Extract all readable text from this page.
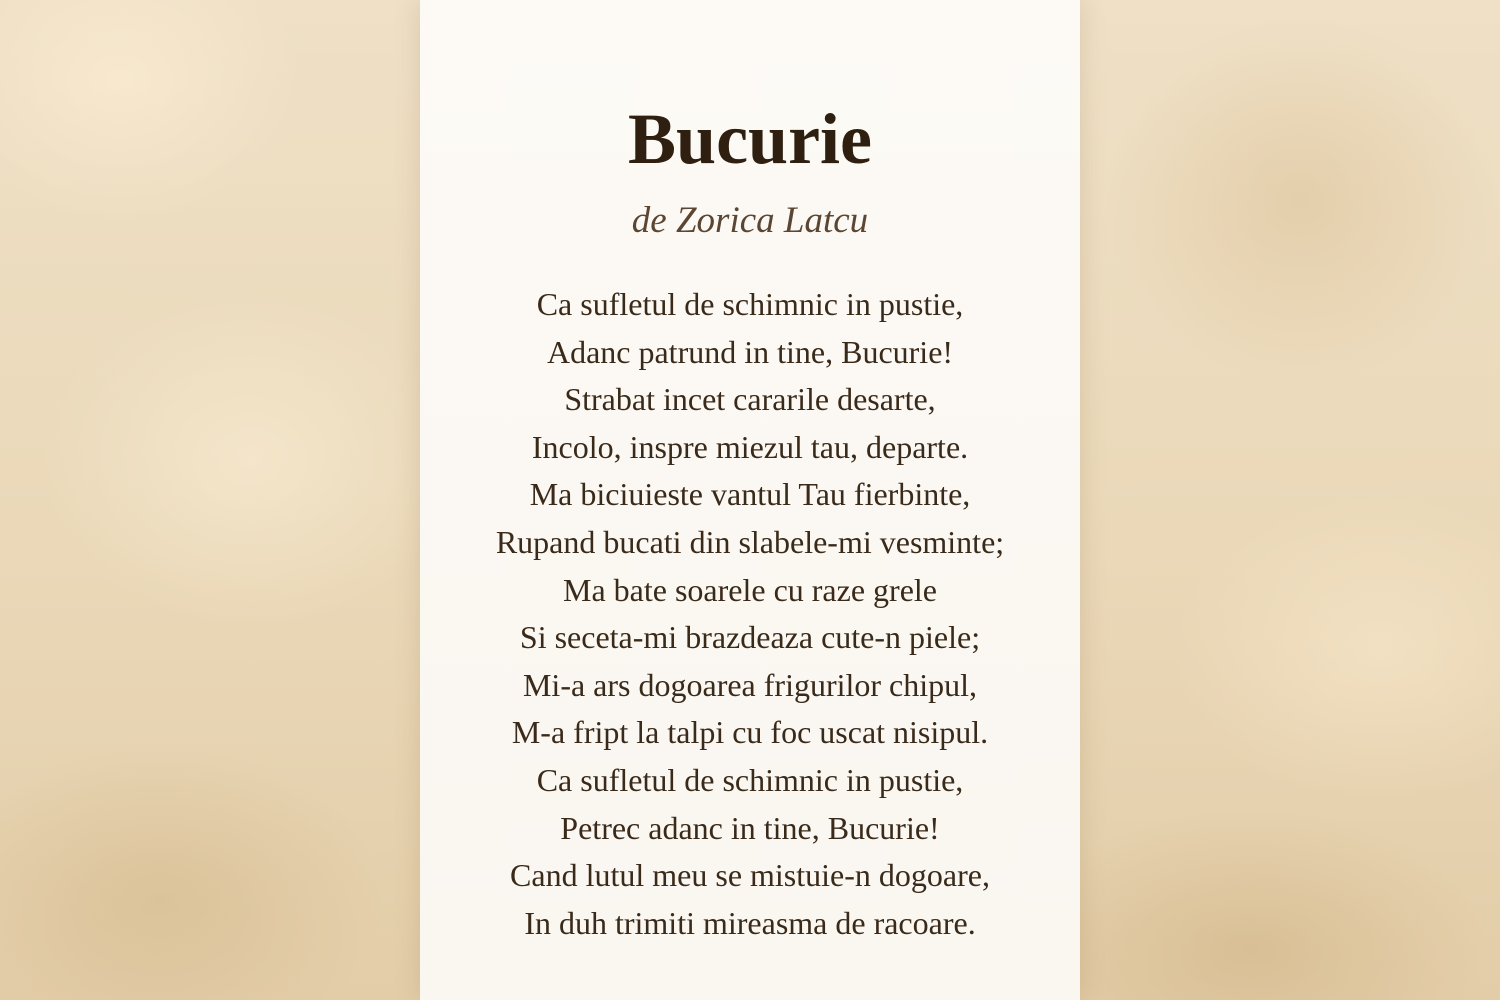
Bucurie

de Zorica Latcu

Ca sufletul de schimnic in pustie,
Adanc patrund in tine, Bucurie!
Strabat incet cararile desarte,
Incolo, inspre miezul tau, departe.
Ma biciuieste vantul Tau fierbinte,
Rupand bucati din slabele-mi vesminte;
Ma bate soarele cu raze grele
Si seceta-mi brazdeaza cute-n piele;
Mi-a ars dogoarea frigurilor chipul,
M-a fript la talpi cu foc uscat nisipul.
Ca sufletul de schimnic in pustie,
Petrec adanc in tine, Bucurie!
Cand lutul meu se mistuie-n dogoare,
In duh trimiti mireasma de racoare.
